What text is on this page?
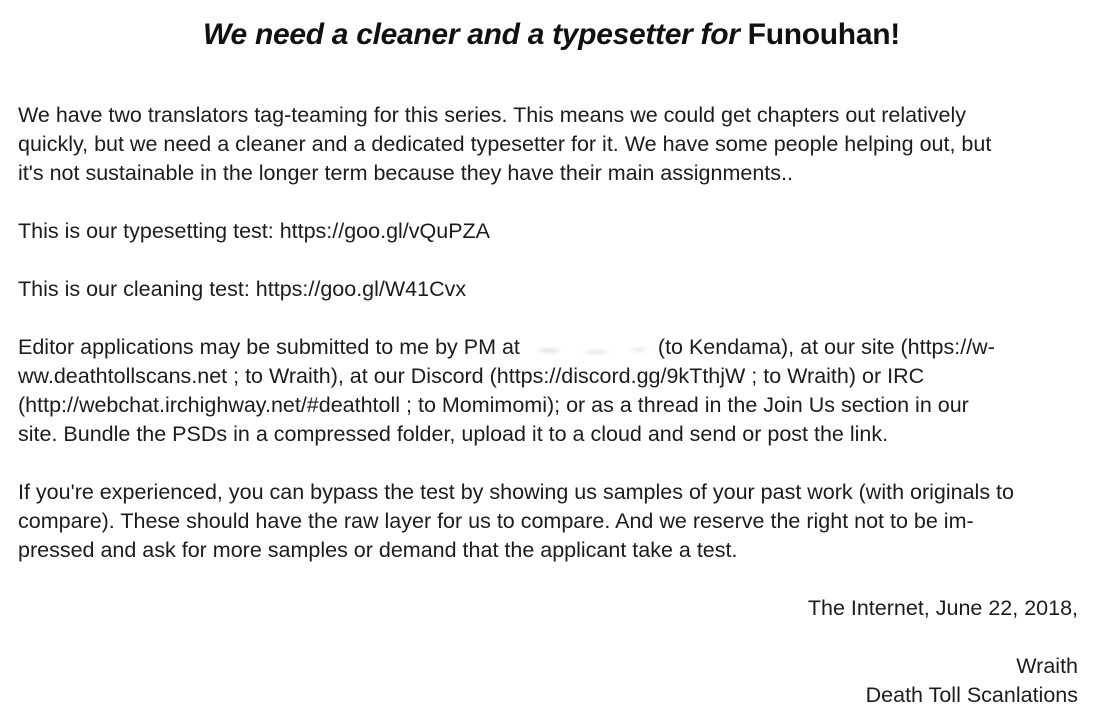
We need a cleaner and a typesetter for Funouhan!

We have two translators tag-teaming for this series. This means we could get chapters out relatively
quickly, but we need a cleaner and a dedicated typesetter for it. We have some people helping out, but
it's not sustainable in the longer term because they have their main assignments..

This is our typesetting test: https://goo.gl/vQuPZA

This is our cleaning test: https://goo.gl/W41Cvx

Editor applications may be submitted to me by PM at	(to Kendama), at our site (https://w-
ww.deathtollscans.net ; to Wraith), at our Discord (https://discord.gg/9kTthjW ; to Wraith) or IRC
(http://webchat.irchighway.net/#deathtoll ; to Momimomi); or as a thread in the Join Us section in our
site. Bundle the PSDs in a compressed folder, upload it to a cloud and send or post the link.

If you're experienced, you can bypass the test by showing us samples of your past work (with originals to
compare). These should have the raw layer for us to compare. And we reserve the right not to be im-
pressed and ask for more samples or demand that the applicant take a test.

The Internet, June 22, 2018,

Wraith

Death Toll Scanlations
